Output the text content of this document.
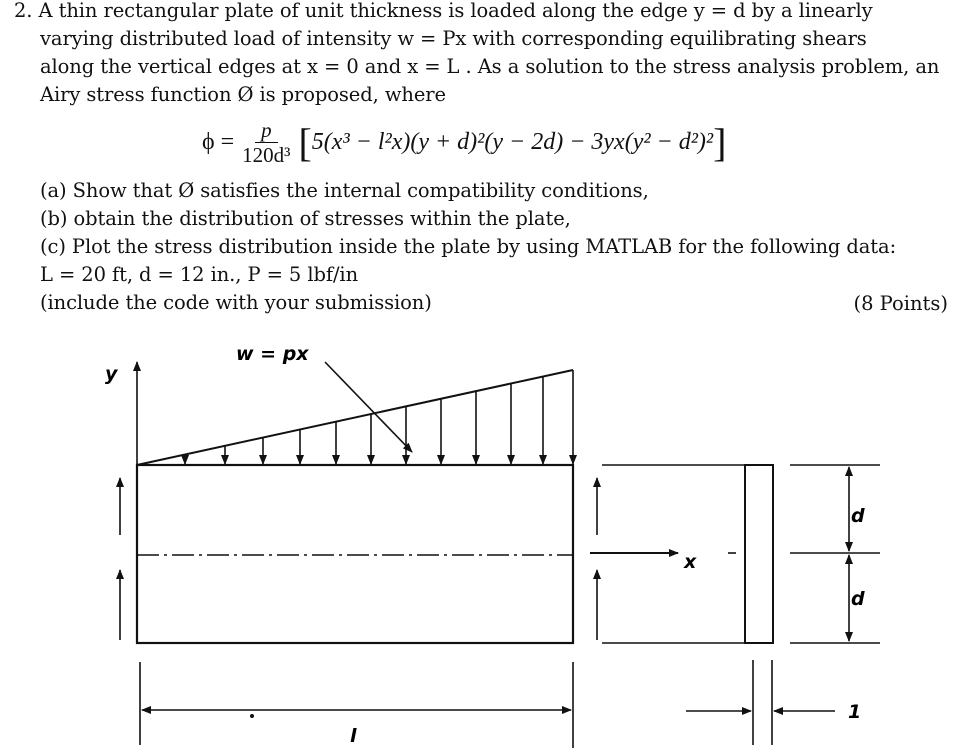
2. A thin rectangular plate of unit thickness is loaded along the edge y = d by a linearly
varying distributed load of intensity w = Px with corresponding equilibrating shears
along the vertical edges at x = 0 and x = L . As a solution to the stress analysis problem, an
Airy stress function Ø is proposed, where
$\phi = \frac{p}{\text{120d³}}$ [ 5(x³ − l²x)(y + d)²(y − 2d) − 3yx(y² − d²)² ]
(a) Show that Ø satisfies the internal compatibility conditions,
(b) obtain the distribution of stresses within the plate,
(c) Plot the stress distribution inside the plate by using MATLAB for the following data:
L = 20 ft, d = 12 in., P = 5 lbf/in
(include the code with your submission)	(8 Points)
y
w = px
x
d
d
l
1
